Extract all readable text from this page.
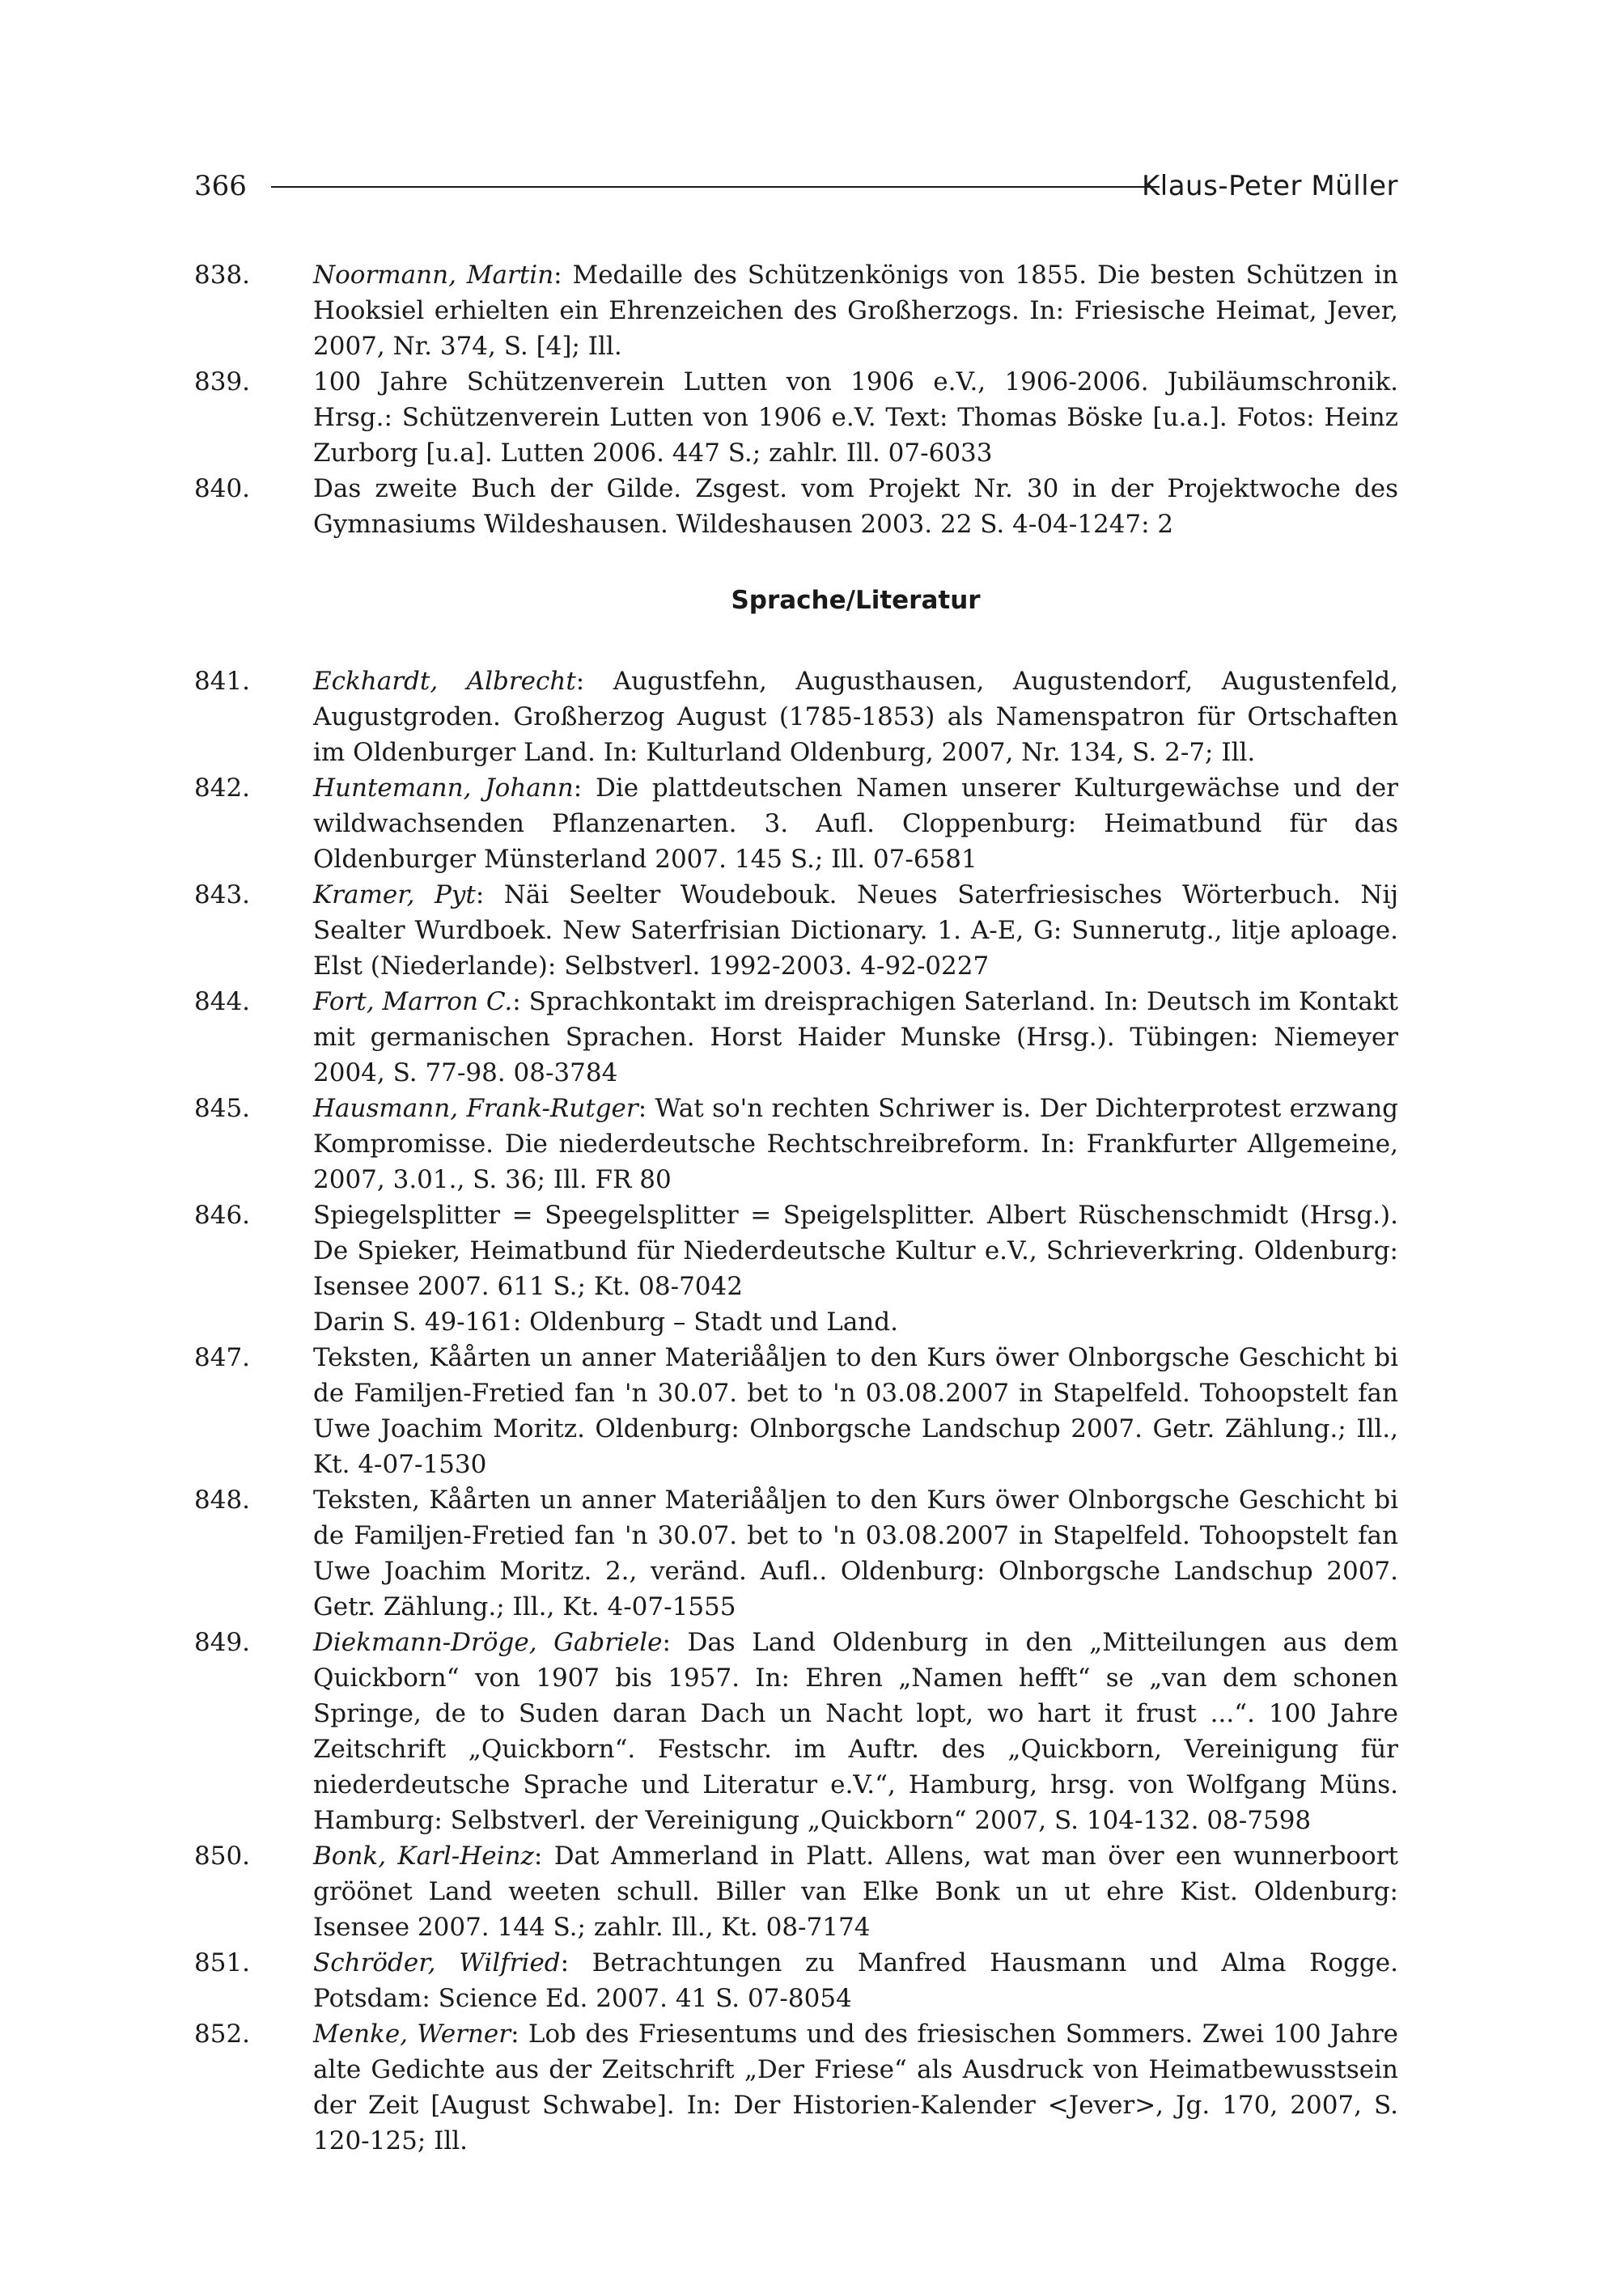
366	Klaus-Peter Müller
838.	Noormann, Martin: Medaille des Schützenkönigs von 1855. Die besten Schützen in Hooksiel erhielten ein Ehrenzeichen des Großherzogs. In: Friesische Heimat, Jever, 2007, Nr. 374, S. [4]; Ill.
839.	100 Jahre Schützenverein Lutten von 1906 e.V., 1906-2006. Jubiläumschronik. Hrsg.: Schützenverein Lutten von 1906 e.V. Text: Thomas Böske [u.a.]. Fotos: Heinz Zurborg [u.a]. Lutten 2006. 447 S.; zahlr. Ill. 07-6033
840.	Das zweite Buch der Gilde. Zsgest. vom Projekt Nr. 30 in der Projektwoche des Gymnasiums Wildeshausen. Wildeshausen 2003. 22 S. 4-04-1247: 2
Sprache/Literatur
841.	Eckhardt, Albrecht: Augustfehn, Augusthausen, Augustendorf, Augustenfeld, Augustgroden. Großherzog August (1785-1853) als Namenspatron für Ortschaften im Oldenburger Land. In: Kulturland Oldenburg, 2007, Nr. 134, S. 2-7; Ill.
842.	Huntemann, Johann: Die plattdeutschen Namen unserer Kulturgewächse und der wildwachsenden Pflanzenarten. 3. Aufl. Cloppenburg: Heimatbund für das Oldenburger Münsterland 2007. 145 S.; Ill. 07-6581
843.	Kramer, Pyt: Näi Seelter Woudebouk. Neues Saterfriesisches Wörterbuch. Nij Sealter Wurdboek. New Saterfrisian Dictionary. 1. A-E, G: Sunnerutg., litje aploage. Elst (Niederlande): Selbstverl. 1992-2003. 4-92-0227
844.	Fort, Marron C.: Sprachkontakt im dreisprachigen Saterland. In: Deutsch im Kontakt mit germanischen Sprachen. Horst Haider Munske (Hrsg.). Tübingen: Niemeyer 2004, S. 77-98. 08-3784
845.	Hausmann, Frank-Rutger: Wat so'n rechten Schriwer is. Der Dichterprotest erzwang Kompromisse. Die niederdeutsche Rechtschreibreform. In: Frankfurter Allgemeine, 2007, 3.01., S. 36; Ill. FR 80
846.	Spiegelsplitter = Speegelsplitter = Speigelsplitter. Albert Rüschenschmidt (Hrsg.). De Spieker, Heimatbund für Niederdeutsche Kultur e.V., Schrieverkring. Oldenburg: Isensee 2007. 611 S.; Kt. 08-7042
Darin S. 49-161: Oldenburg – Stadt und Land.
847.	Teksten, Kåårten un anner Materiååljen to den Kurs öwer Olnborgsche Geschicht bi de Familjen-Fretied fan 'n 30.07. bet to 'n 03.08.2007 in Stapelfeld. Tohoopstelt fan Uwe Joachim Moritz. Oldenburg: Olnborgsche Landschup 2007. Getr. Zählung.; Ill., Kt. 4-07-1530
848.	Teksten, Kåårten un anner Materiååljen to den Kurs öwer Olnborgsche Geschicht bi de Familjen-Fretied fan 'n 30.07. bet to 'n 03.08.2007 in Stapelfeld. Tohoopstelt fan Uwe Joachim Moritz. 2., veränd. Aufl.. Oldenburg: Olnborgsche Landschup 2007. Getr. Zählung.; Ill., Kt. 4-07-1555
849.	Diekmann-Dröge, Gabriele: Das Land Oldenburg in den „Mitteilungen aus dem Quickborn“ von 1907 bis 1957. In: Ehren „Namen hefft“ se „van dem schonen Springe, de to Suden daran Dach un Nacht lopt, wo hart it frust ...“. 100 Jahre Zeitschrift „Quickborn“. Festschr. im Auftr. des „Quickborn, Vereinigung für niederdeutsche Sprache und Literatur e.V.“, Hamburg, hrsg. von Wolfgang Müns. Hamburg: Selbstverl. der Vereinigung „Quickborn“ 2007, S. 104-132. 08-7598
850.	Bonk, Karl-Heinz: Dat Ammerland in Platt. Allens, wat man över een wunnerboort gröönet Land weeten schull. Biller van Elke Bonk un ut ehre Kist. Oldenburg: Isensee 2007. 144 S.; zahlr. Ill., Kt. 08-7174
851.	Schröder, Wilfried: Betrachtungen zu Manfred Hausmann und Alma Rogge. Potsdam: Science Ed. 2007. 41 S. 07-8054
852.	Menke, Werner: Lob des Friesentums und des friesischen Sommers. Zwei 100 Jahre alte Gedichte aus der Zeitschrift „Der Friese“ als Ausdruck von Heimatbewusstsein der Zeit [August Schwabe]. In: Der Historien-Kalender <Jever>, Jg. 170, 2007, S. 120-125; Ill.
